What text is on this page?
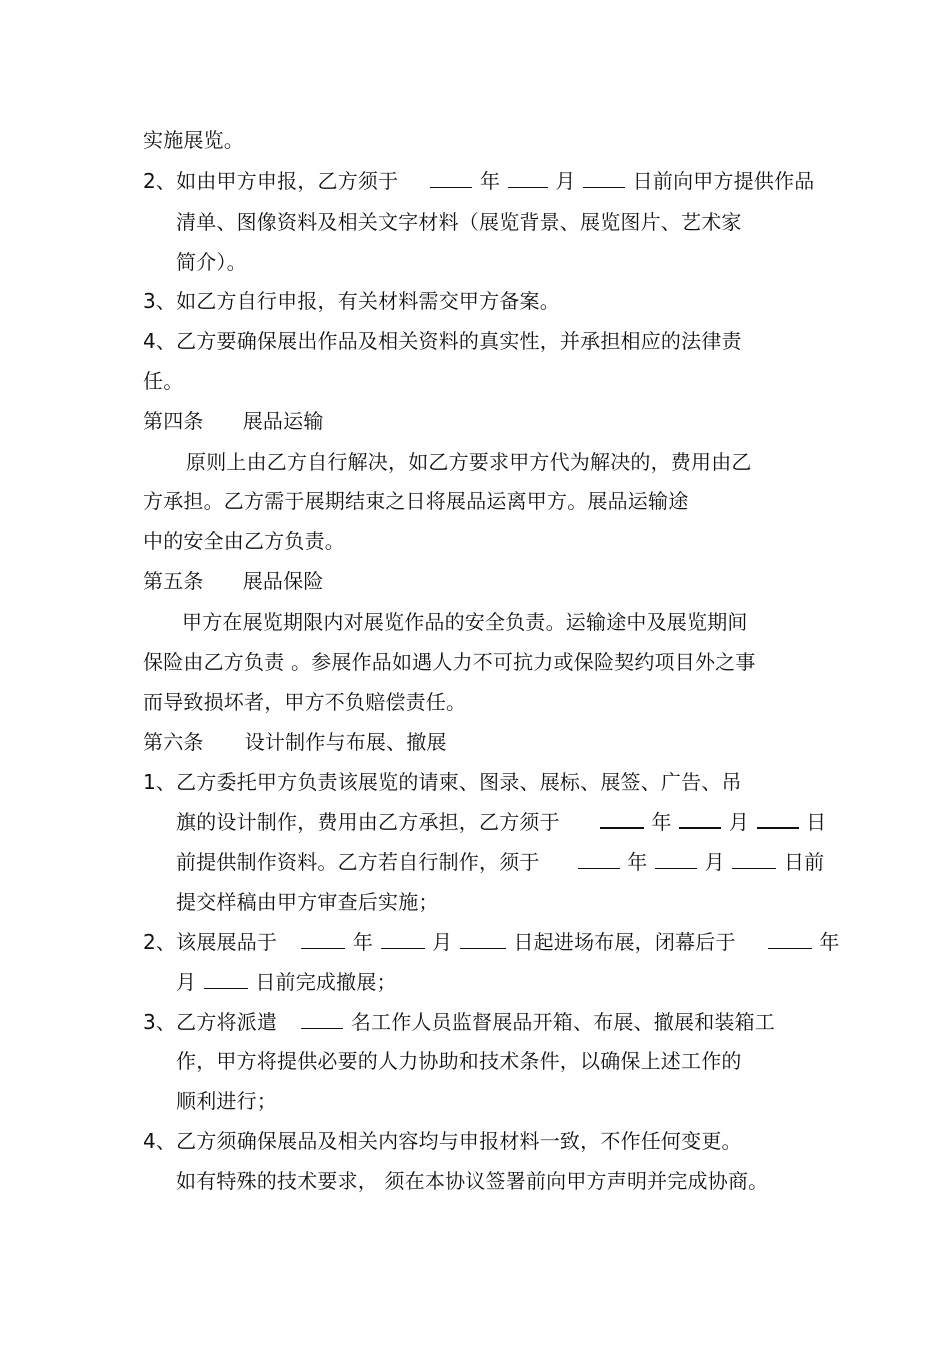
实施展览。
2、如由甲方申报，乙方须于	年	月	日前向甲方提供作品
清单、图像资料及相关文字材料（展览背景、展览图片、艺术家
简介）。
3、如乙方自行申报，有关材料需交甲方备案。
4、乙方要确保展出作品及相关资料的真实性，并承担相应的法律责
任。
第四条 展品运输
原则上由乙方自行解决，如乙方要求甲方代为解决的，费用由乙
方承担。乙方需于展期结束之日将展品运离甲方。展品运输途
中的安全由乙方负责。
第五条 展品保险
甲方在展览期限内对展览作品的安全负责。运输途中及展览期间
保险由乙方负责 。参展作品如遇人力不可抗力或保险契约项目外之事
而导致损坏者，甲方不负赔偿责任。
第六条 设计制作与布展、撤展
1、乙方委托甲方负责该展览的请柬、图录、展标、展签、广告、吊
旗的设计制作，费用由乙方承担，乙方须于	年	月	日
前提供制作资料。乙方若自行制作，须于	年	月	日前
提交样稿由甲方审查后实施；
2、该展展品于	年	月	日起进场布展，闭幕后于	年
月	日前完成撤展；
3、乙方将派遣	名工作人员监督展品开箱、布展、撤展和装箱工
作，甲方将提供必要的人力协助和技术条件，以确保上述工作的
顺利进行；
4、乙方须确保展品及相关内容均与申报材料一致，不作任何变更。
如有特殊的技术要求， 须在本协议签署前向甲方声明并完成协商。
